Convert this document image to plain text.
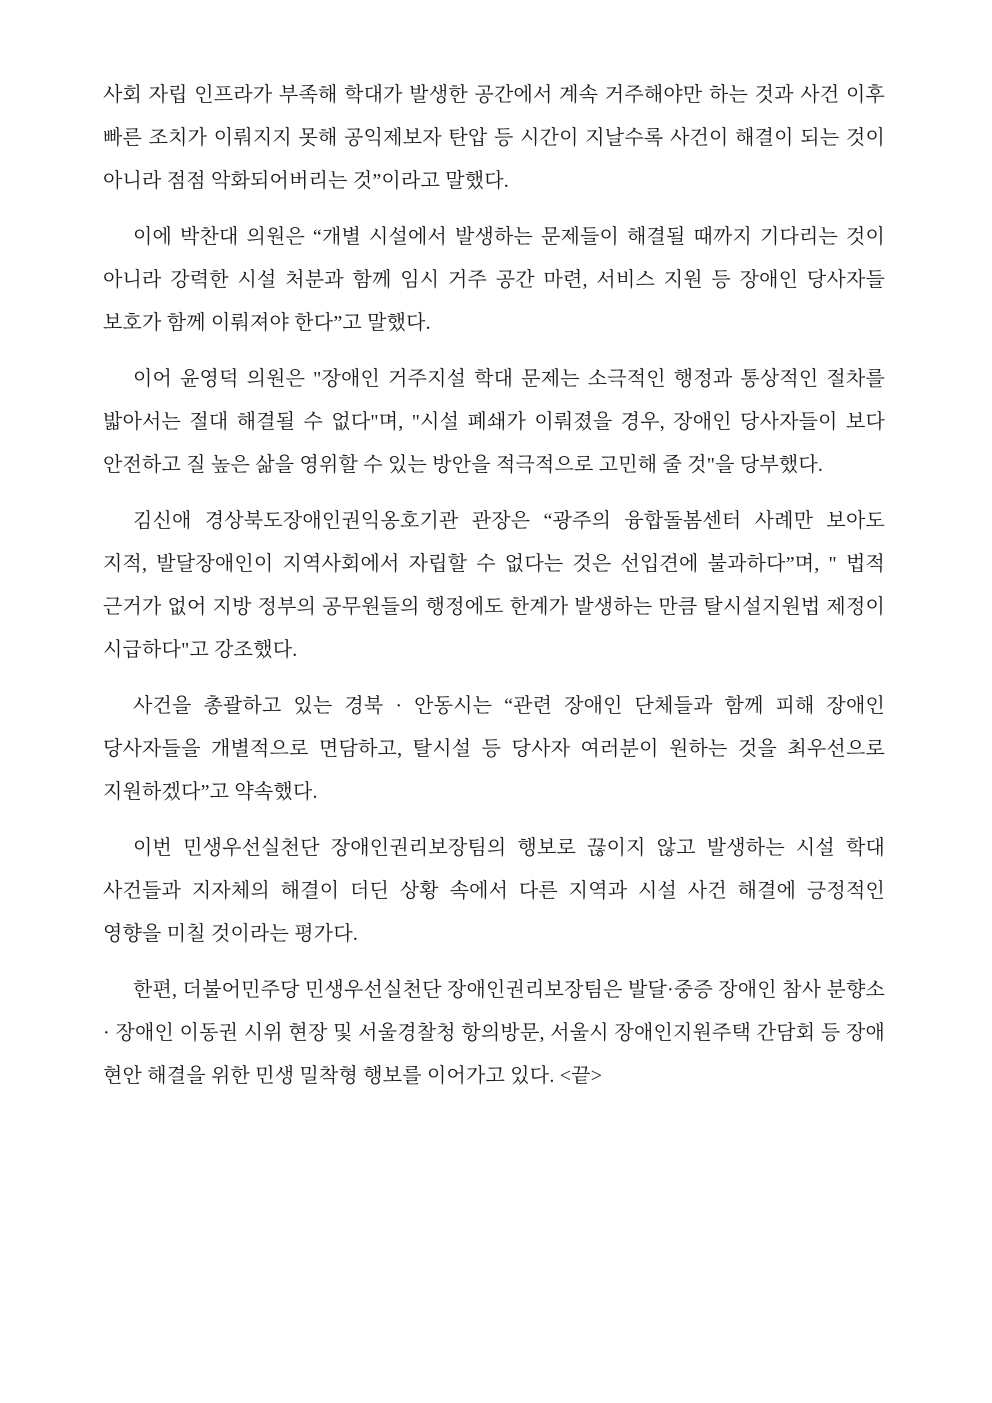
사회 자립 인프라가 부족해 학대가 발생한 공간에서 계속 거주해야만 하는 것과 사건 이후 빠른 조치가 이뤄지지 못해 공익제보자 탄압 등 시간이 지날수록 사건이 해결이 되는 것이 아니라 점점 악화되어버리는 것”이라고 말했다.

이에 박찬대 의원은 “개별 시설에서 발생하는 문제들이 해결될 때까지 기다리는 것이 아니라 강력한 시설 처분과 함께 임시 거주 공간 마련, 서비스 지원 등 장애인 당사자들 보호가 함께 이뤄져야 한다”고 말했다.

이어 윤영덕 의원은 "장애인 거주지설 학대 문제는 소극적인 행정과 통상적인 절차를 밟아서는 절대 해결될 수 없다"며, "시설 폐쇄가 이뤄졌을 경우, 장애인 당사자들이 보다 안전하고 질 높은 삶을 영위할 수 있는 방안을 적극적으로 고민해 줄 것"을 당부했다.

김신애 경상북도장애인권익옹호기관 관장은 “광주의 융합돌봄센터 사례만 보아도 지적, 발달장애인이 지역사회에서 자립할 수 없다는 것은 선입견에 불과하다”며, " 법적 근거가 없어 지방 정부의 공무원들의 행정에도 한계가 발생하는 만큼 탈시설지원법 제정이 시급하다"고 강조했다.

사건을 총괄하고 있는 경북 · 안동시는 “관련 장애인 단체들과 함께 피해 장애인 당사자들을 개별적으로 면담하고, 탈시설 등 당사자 여러분이 원하는 것을 최우선으로 지원하겠다”고 약속했다.

이번 민생우선실천단 장애인권리보장팀의 행보로 끊이지 않고 발생하는 시설 학대 사건들과 지자체의 해결이 더딘 상황 속에서 다른 지역과 시설 사건 해결에 긍정적인 영향을 미칠 것이라는 평가다.

한편, 더불어민주당 민생우선실천단 장애인권리보장팀은 발달·중증 장애인 참사 분향소 · 장애인 이동권 시위 현장 및 서울경찰청 항의방문, 서울시 장애인지원주택 간담회 등 장애 현안 해결을 위한 민생 밀착형 행보를 이어가고 있다. <끝>
